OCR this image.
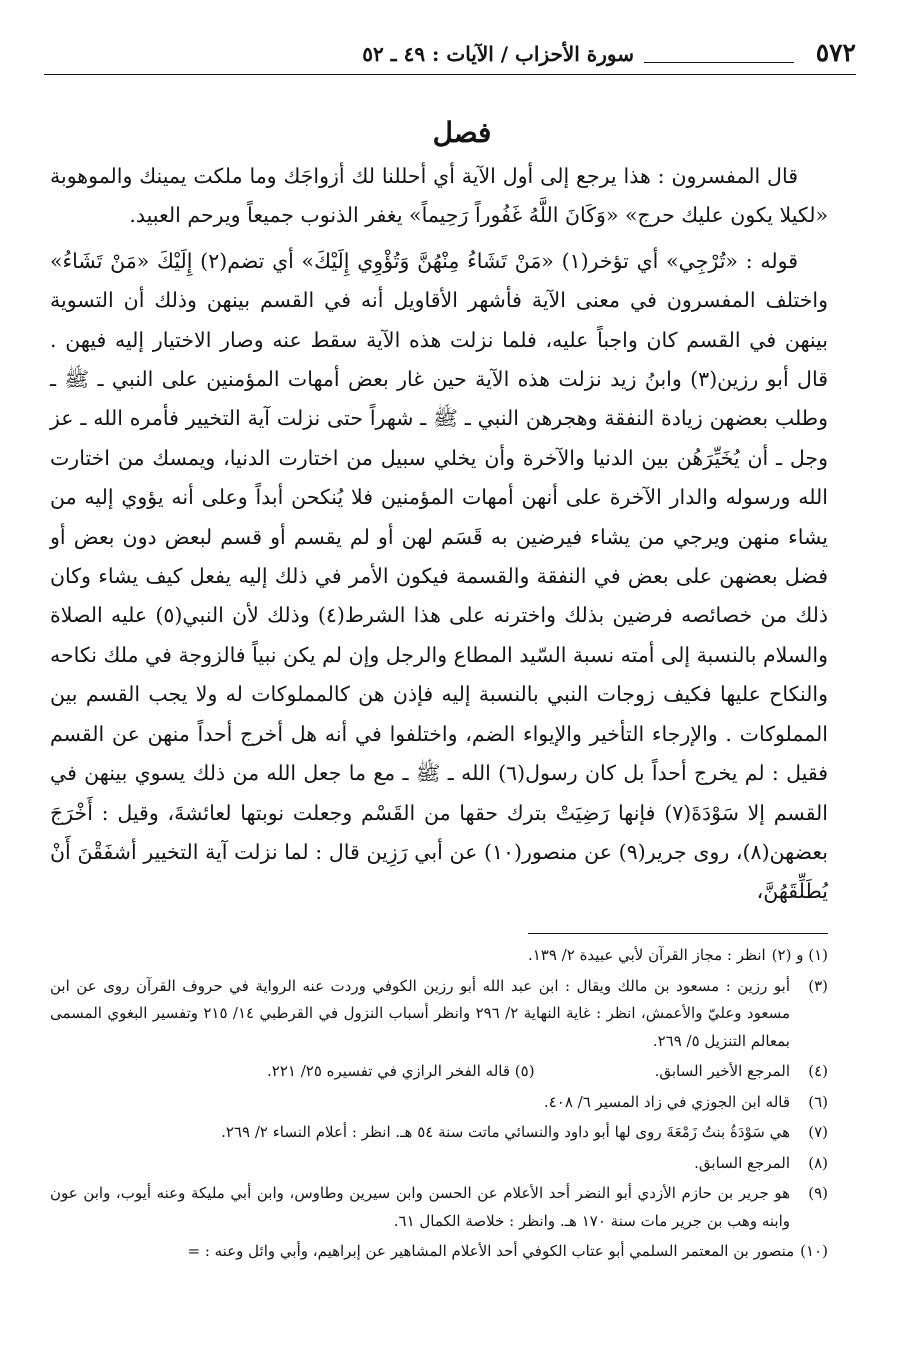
٥٧٢
سورة الأحزاب / الآيات : ٤٩ ـ ٥٢
فصل

قال المفسرون : هذا يرجع إلى أول الآية أي أحللنا لك أزواجَك وما ملكت يمينك والموهوبة «لكيلا يكون عليك حرج» «وَكَانَ اللَّهُ غَفُوراً رَحِيماً» يغفر الذنوب جميعاً ويرحم العبيد.

قوله : «تُرْجِي» أي تؤخر(١) «مَنْ تَشَاءُ مِنْهُنَّ وَتُؤْوِي إِلَيْكَ» أي تضم(٢) إِلَيْكَ «مَنْ تَشَاءُ» واختلف المفسرون في معنى الآية فأشهر الأقاويل أنه في القسم بينهن وذلك أن التسوية بينهن في القسم كان واجباً عليه، فلما نزلت هذه الآية سقط عنه وصار الاختيار إليه فيهن . قال أبو رزين(٣) وابنُ زيد نزلت هذه الآية حين غار بعض أمهات المؤمنين على النبي ـ ﷺ ـ وطلب بعضهن زيادة النفقة وهجرهن النبي ـ ﷺ ـ شهراً حتى نزلت آية التخيير فأمره الله ـ عز وجل ـ أن يُخَيِّرَهُن بين الدنيا والآخرة وأن يخلي سبيل من اختارت الدنيا، ويمسك من اختارت الله ورسوله والدار الآخرة على أنهن أمهات المؤمنين فلا يُنكحن أبداً وعلى أنه يؤوي إليه من يشاء منهن ويرجي من يشاء فيرضين به قَسَم لهن أو لم يقسم أو قسم لبعض دون بعض أو فضل بعضهن على بعض في النفقة والقسمة فيكون الأمر في ذلك إليه يفعل كيف يشاء وكان ذلك من خصائصه فرضين بذلك واخترنه على هذا الشرط(٤) وذلك لأن النبي(٥) عليه الصلاة والسلام بالنسبة إلى أمته نسبة السّيد المطاع والرجل وإن لم يكن نبياً فالزوجة في ملك نكاحه والنكاح عليها فكيف زوجات النبي بالنسبة إليه فإذن هن كالمملوكات له ولا يجب القسم بين المملوكات . والإرجاء التأخير والإيواء الضم، واختلفوا في أنه هل أخرج أحداً منهن عن القسم فقيل : لم يخرج أحداً بل كان رسول(٦) الله ـ ﷺ ـ مع ما جعل الله من ذلك يسوي بينهن في القسم إلا سَوْدَةَ(٧) فإنها رَضِيَتْ بترك حقها من القَسْم وجعلت نوبتها لعائشةَ، وقيل : أَخْرَجَ بعضهن(٨)، روى جرير(٩) عن منصور(١٠) عن أبي رَزِين قال : لما نزلت آية التخيير أشفَقْنَ أَنْ يُطَلِّقَهُنَّ،

(١) و (٢)
انظر : مجاز القرآن لأبي عبيدة ٢/ ١٣٩.
(٣)
أبو رزين : مسعود بن مالك ويقال : ابن عبد الله أبو رزين الكوفي وردت عنه الرواية في حروف القرآن روى عن ابن مسعود وعليّ والأعمش، انظر : غاية النهاية ٢/ ٢٩٦ وانظر أسباب النزول في القرطبي ١٤/ ٢١٥ وتفسير البغوي المسمى بمعالم التنزيل ٥/ ٢٦٩.
(٤)
المرجع الأخير السابق.(٥) قاله الفخر الرازي في تفسيره ٢٥/ ٢٢١.
(٦)
قاله ابن الجوزي في زاد المسير ٦/ ٤٠٨.
(٧)
هي سَوْدَةُ بنتُ زَمْعَةَ روى لها أبو داود والنسائي ماتت سنة ٥٤ هـ. انظر : أعلام النساء ٢/ ٢٦٩.
(٨)
المرجع السابق.
(٩)
هو جرير بن حازم الأزدي أبو النضر أحد الأعلام عن الحسن وابن سيرين وطاوس، وابن أبي مليكة وعنه أيوب، وابن عون وابنه وهب بن جرير مات سنة ١٧٠ هـ. وانظر : خلاصة الكمال ٦١.
(١٠)
منصور بن المعتمر السلمي أبو عتاب الكوفي أحد الأعلام المشاهير عن إبراهيم، وأبي وائل وعنه : =
